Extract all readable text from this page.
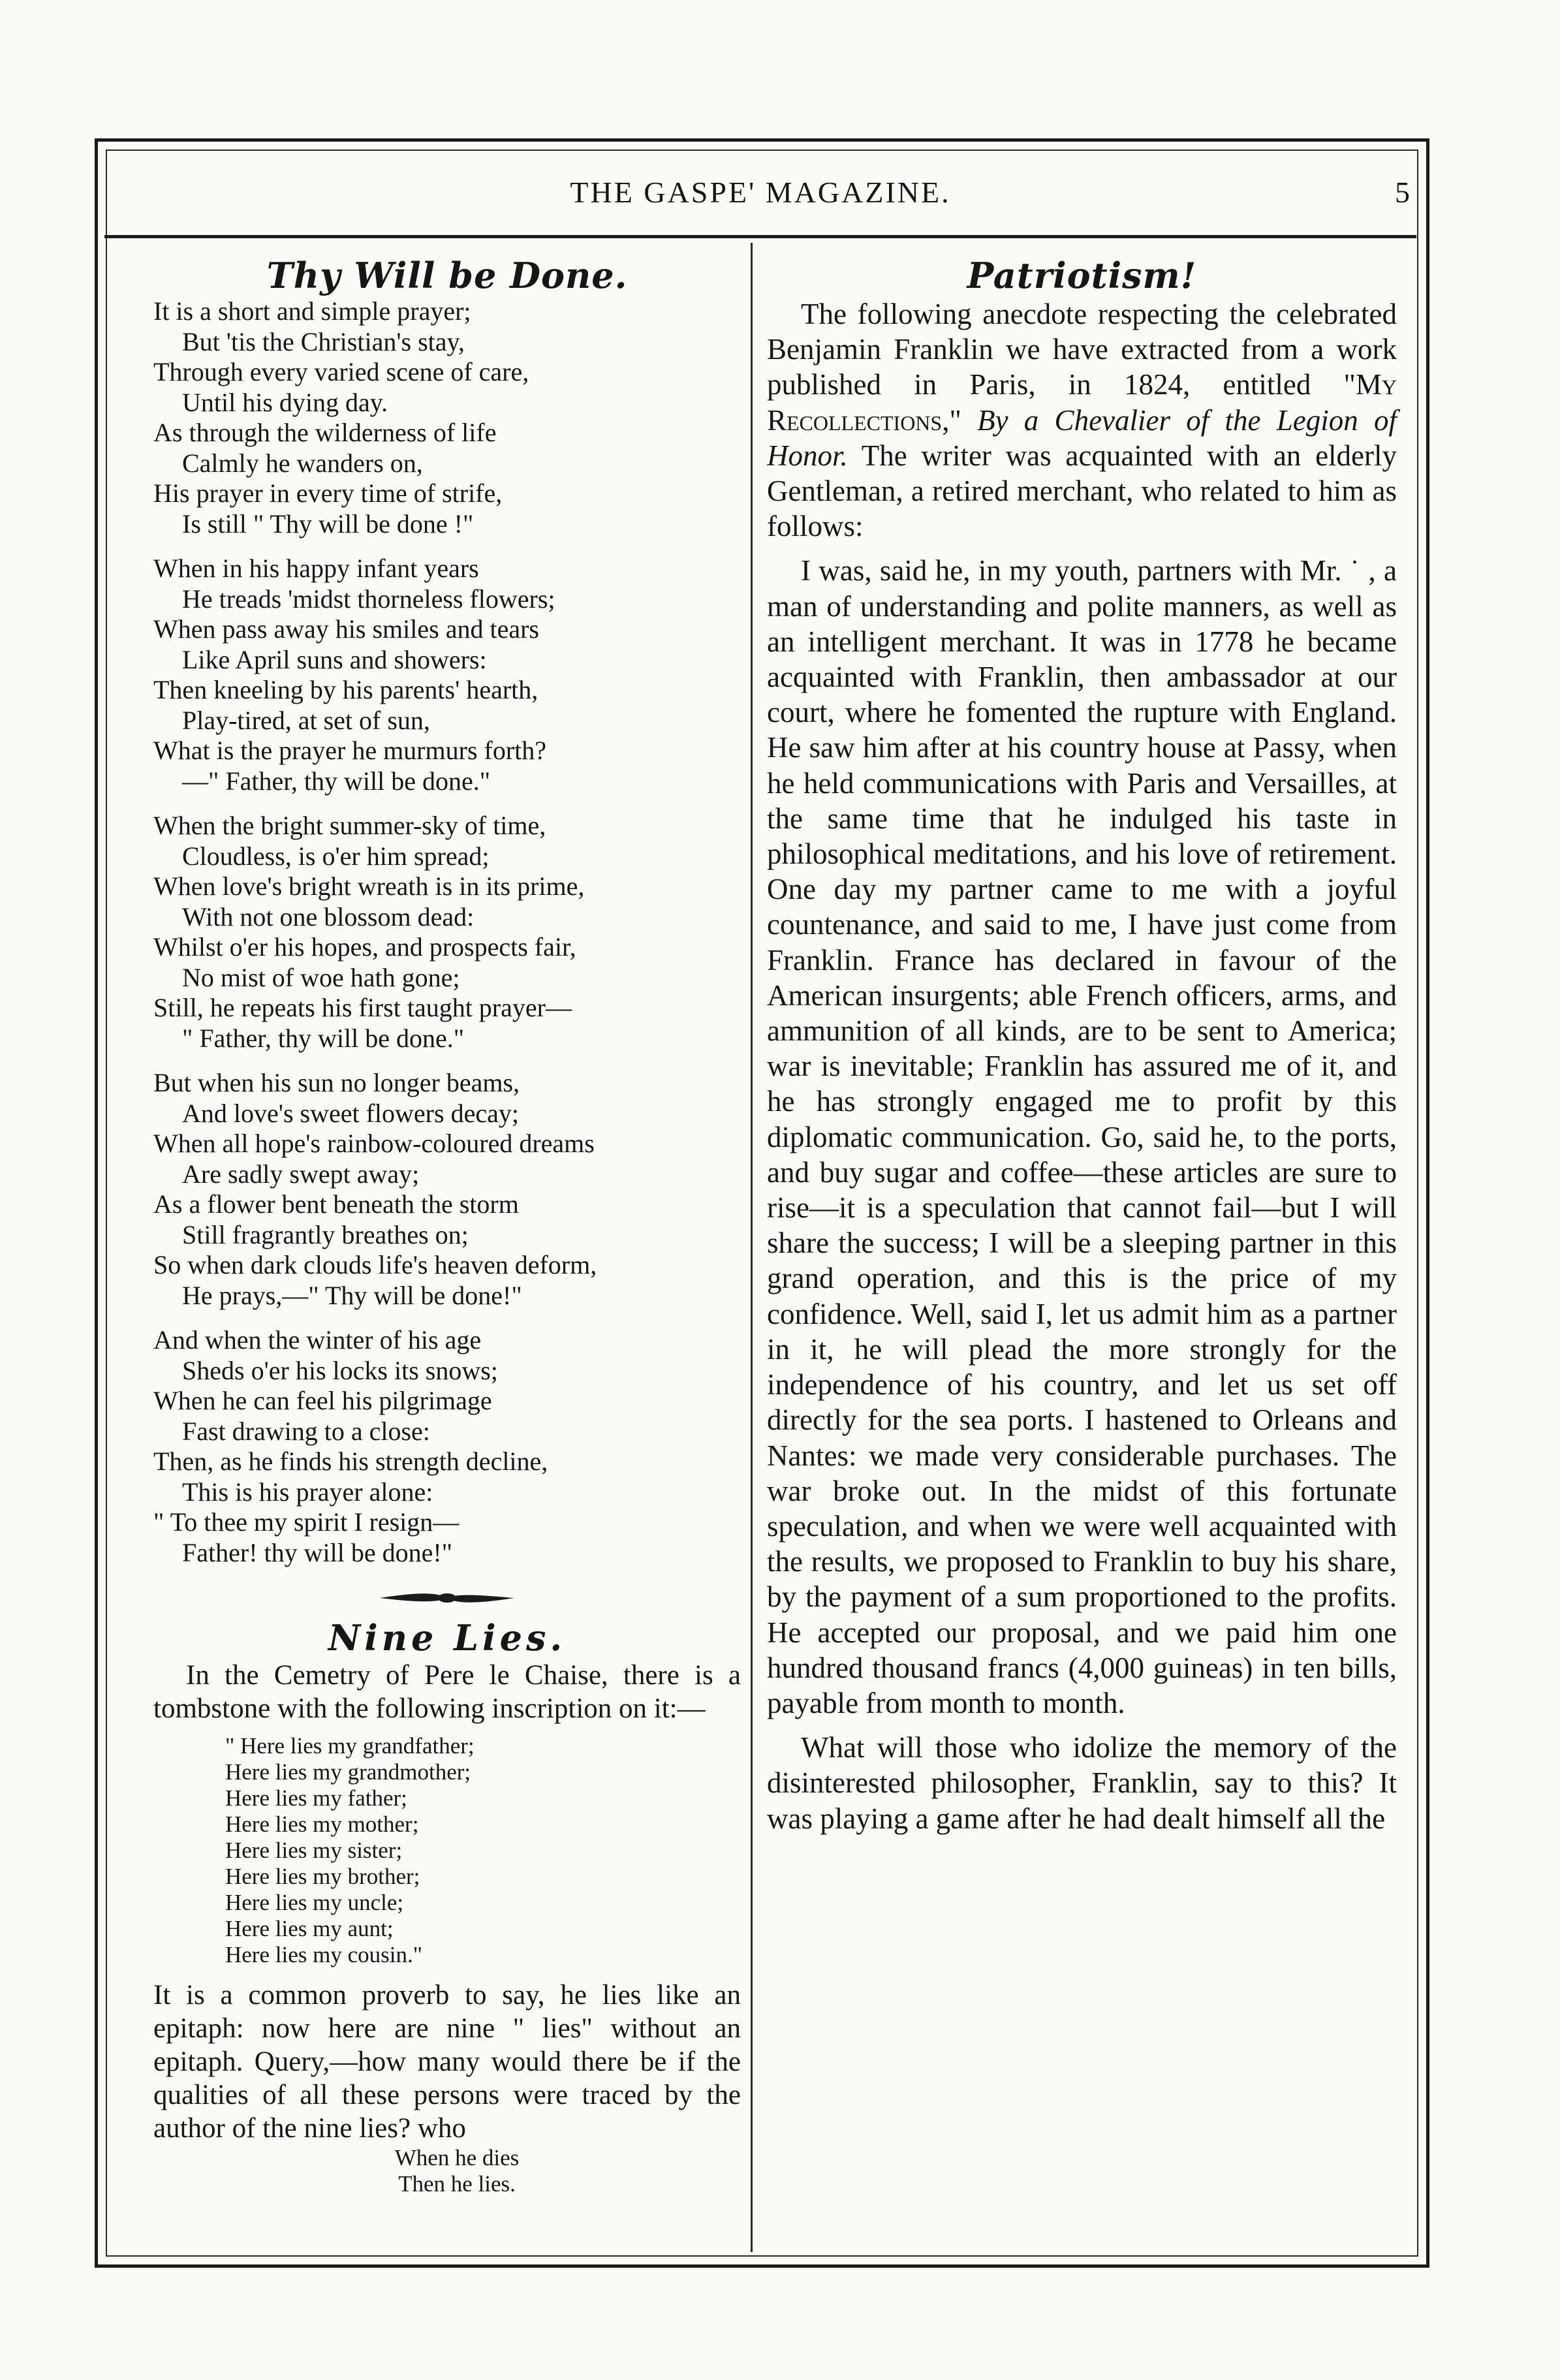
THE GASPE' MAGAZINE.	5
Thy Will be Done.
It is a short and simple prayer;
But 'tis the Christian's stay,
Through every varied scene of care,
Until his dying day.
As through the wilderness of life
Calmly he wanders on,
His prayer in every time of strife,
Is still " Thy will be done !"
When in his happy infant years
He treads 'midst thorneless flowers;
When pass away his smiles and tears
Like April suns and showers:
Then kneeling by his parents' hearth,
Play-tired, at set of sun,
What is the prayer he murmurs forth?
—" Father, thy will be done."
When the bright summer-sky of time,
Cloudless, is o'er him spread;
When love's bright wreath is in its prime,
With not one blossom dead:
Whilst o'er his hopes, and prospects fair,
No mist of woe hath gone;
Still, he repeats his first taught prayer—
" Father, thy will be done."
But when his sun no longer beams,
And love's sweet flowers decay;
When all hope's rainbow-coloured dreams
Are sadly swept away;
As a flower bent beneath the storm
Still fragrantly breathes on;
So when dark clouds life's heaven deform,
He prays,—" Thy will be done!"
And when the winter of his age
Sheds o'er his locks its snows;
When he can feel his pilgrimage
Fast drawing to a close:
Then, as he finds his strength decline,
This is his prayer alone:
" To thee my spirit I resign—
Father! thy will be done!"
Nine Lies.

In the Cemetry of Pere le Chaise, there is a tombstone with the following inscription on it:—

" Here lies my grandfather;
Here lies my grandmother;
Here lies my father;
Here lies my mother;
Here lies my sister;
Here lies my brother;
Here lies my uncle;
Here lies my aunt;
Here lies my cousin."

It is a common proverb to say, he lies like an epitaph: now here are nine " lies" without an epitaph. Query,—how many would there be if the qualities of all these persons were traced by the author of the nine lies? who

When he dies
Then he lies.
Patriotism!

The following anecdote respecting the celebrated Benjamin Franklin we have extracted from a work published in Paris, in 1824, entitled "My Recollections," By a Chevalier of the Legion of Honor. The writer was acquainted with an elderly Gentleman, a retired merchant, who related to him as follows:

I was, said he, in my youth, partners with Mr. ˙ , a man of understanding and polite manners, as well as an intelligent merchant. It was in 1778 he became acquainted with Franklin, then ambassador at our court, where he fomented the rupture with England. He saw him after at his country house at Passy, when he held communications with Paris and Versailles, at the same time that he indulged his taste in philosophical meditations, and his love of retirement. One day my partner came to me with a joyful countenance, and said to me, I have just come from Franklin. France has declared in favour of the American insurgents; able French officers, arms, and ammunition of all kinds, are to be sent to America; war is inevitable; Franklin has assured me of it, and he has strongly engaged me to profit by this diplomatic communication. Go, said he, to the ports, and buy sugar and coffee—these articles are sure to rise—it is a speculation that cannot fail—but I will share the success; I will be a sleeping partner in this grand operation, and this is the price of my confidence. Well, said I, let us admit him as a partner in it, he will plead the more strongly for the independence of his country, and let us set off directly for the sea ports. I hastened to Orleans and Nantes: we made very considerable purchases. The war broke out. In the midst of this fortunate speculation, and when we were well acquainted with the results, we proposed to Franklin to buy his share, by the payment of a sum proportioned to the profits. He accepted our proposal, and we paid him one hundred thousand francs (4,000 guineas) in ten bills, payable from month to month.

What will those who idolize the memory of the disinterested philosopher, Franklin, say to this? It was playing a game after he had dealt himself all the
